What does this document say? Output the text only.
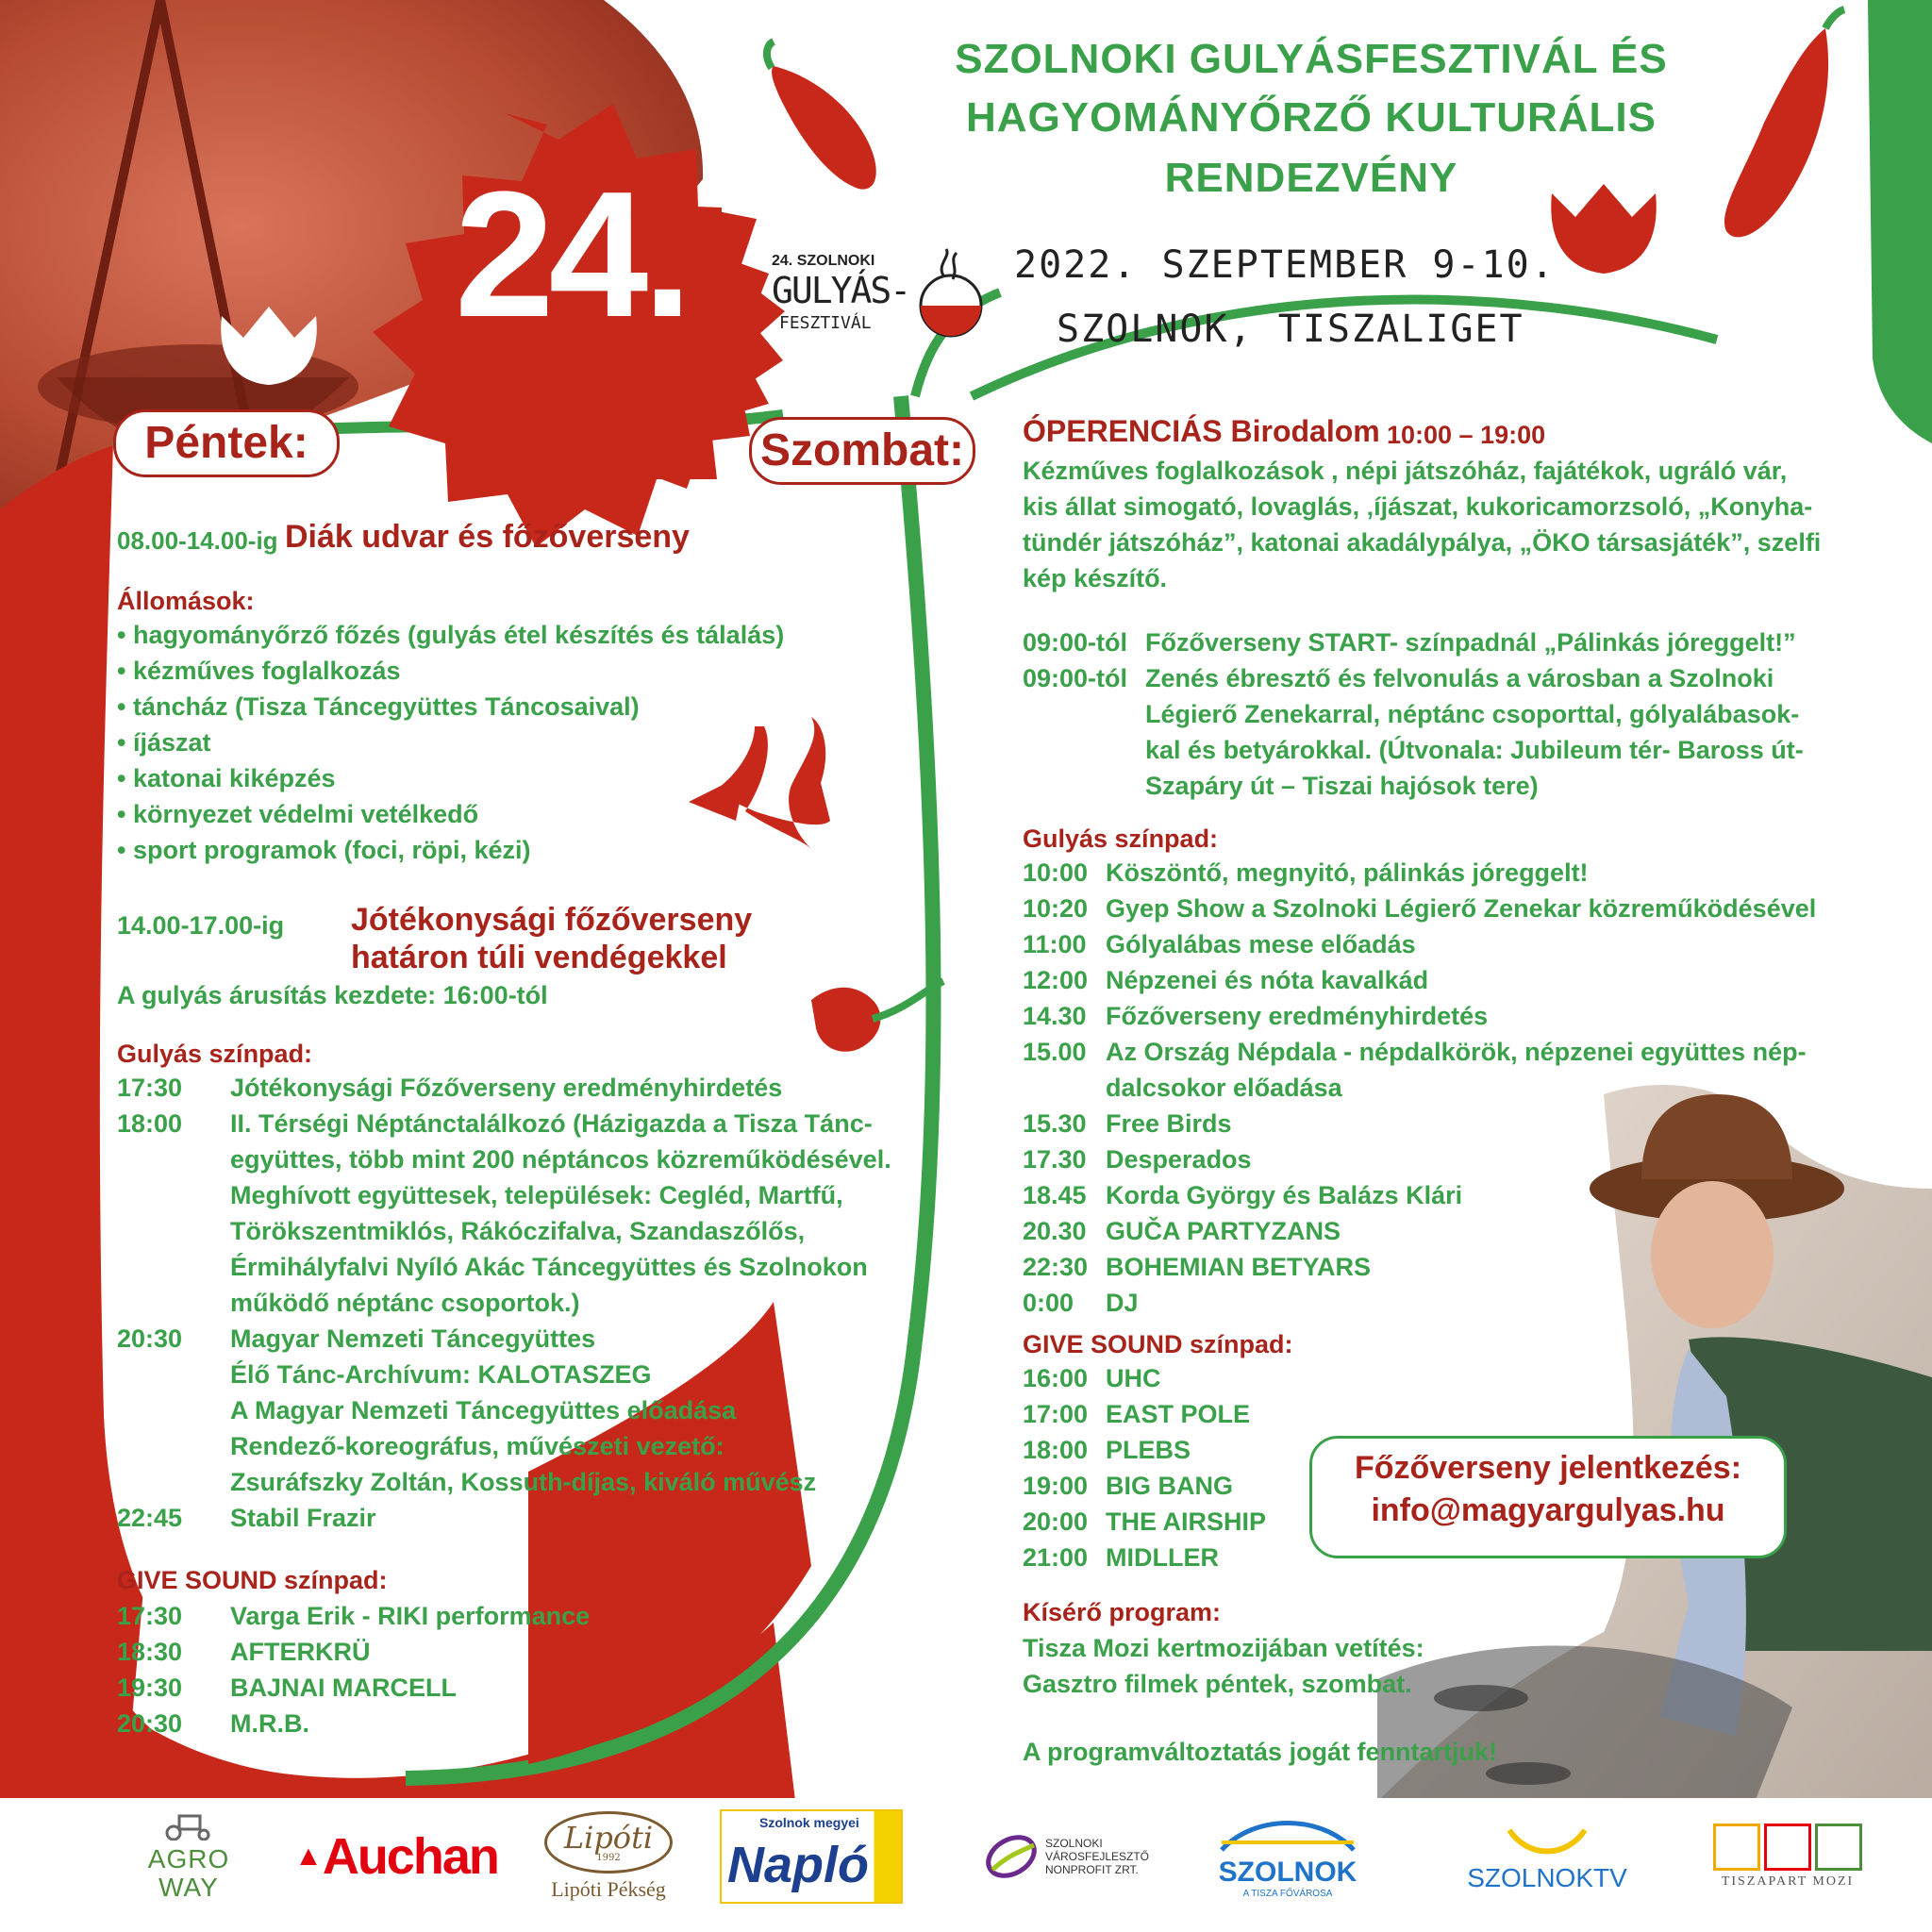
SZOLNOKI GULYÁSFESZTIVÁL ÉS
HAGYOMÁNYŐRZŐ KULTURÁLIS
RENDEZVÉNY
24.	24. SZOLNOKI
GULYÁS-
FESZTIVÁL
2022. SZEPTEMBER 9-10.
SZOLNOK, TISZALIGET
Péntek:
08.00-14.00-ig Diák udvar és főzőverseny
Állomások:
• hagyományőrző főzés (gulyás étel készítés és tálalás)
• kézműves foglalkozás
• táncház (Tisza Táncegyüttes Táncosaival)
• íjászat
• katonai kiképzés
• környezet védelmi vetélkedő
• sport programok (foci, röpi, kézi)
14.00-17.00-ig Jótékonysági főzőverseny
határon túli vendégekkel
A gulyás árusítás kezdete: 16:00-tól
Gulyás színpad:
17:30 Jótékonysági Főzőverseny eredményhirdetés
18:00 II. Térségi Néptánctalálkozó (Házigazda a Tisza Tánc-
együttes, több mint 200 néptáncos közreműködésével.
Meghívott együttesek, települések: Cegléd, Martfű,
Törökszentmiklós, Rákóczifalva, Szandaszőlős,
Érmihályfalvi Nyíló Akác Táncegyüttes és Szolnokon
működő néptánc csoportok.)
20:30 Magyar Nemzeti Táncegyüttes
Élő Tánc-Archívum: KALOTASZEG
A Magyar Nemzeti Táncegyüttes előadása
Rendező-koreográfus, művészeti vezető:
Zsuráfszky Zoltán, Kossuth-díjas, kiváló művész
22:45 Stabil Frazir
GIVE SOUND színpad:
17:30 Varga Erik - RIKI performance
18:30 AFTERKRÜ
19:30 BAJNAI MARCELL
20:30 M.R.B.
Szombat:	ÓPERENCIÁS Birodalom 10:00 – 19:00
Kézműves foglalkozások , népi játszóház, fajátékok, ugráló vár,
kis állat simogató, lovaglás, ‚íjászat, kukoricamorzsoló, „Konyha-
tündér játszóház”, katonai akadálypálya, „ÖKO társasjáték”, szelfi
kép készítő.
09:00-tól Főzőverseny START- színpadnál „Pálinkás jóreggelt!”
09:00-tól Zenés ébresztő és felvonulás a városban a Szolnoki
Légierő Zenekarral, néptánc csoporttal, gólyalábasok-
kal és betyárokkal. (Útvonala: Jubileum tér- Baross út-
Szapáry út – Tiszai hajósok tere)
Gulyás színpad:
10:00 Köszöntő, megnyitó, pálinkás jóreggelt!
10:20 Gyep Show a Szolnoki Légierő Zenekar közreműködésével
11:00 Gólyalábas mese előadás
12:00 Népzenei és nóta kavalkád
14.30 Főzőverseny eredményhirdetés
15.00 Az Ország Népdala - népdalkörök, népzenei együttes nép-
dalcsokor előadása
15.30 Free Birds
17.30 Desperados
18.45 Korda György és Balázs Klári
20.30 GUČA PARTYZANS
22:30 BOHEMIAN BETYARS
0:00 DJ
GIVE SOUND színpad:
16:00 UHC
17:00 EAST POLE
18:00 PLEBS
19:00 BIG BANG
20:00 THE AIRSHIP
21:00 MIDLLER
Kísérő program:
Tisza Mozi kertmozijában vetítés:
Gasztro filmek péntek, szombat.
A programváltoztatás jogát fenntartjuk!
Főzőverseny jelentkezés:
info@magyargulyas.hu
AGRO WAY
▲ Auchan Lipóti
1992
Lipóti Pékség
Szolnok megyei
Napló	SZOLNOKI
VÁROSFEJLESZTŐ
NONPROFIT ZRT.	SZOLNOK
A TISZA FŐVÁROSA
SZOLNOKTV	TISZAPART MOZI
